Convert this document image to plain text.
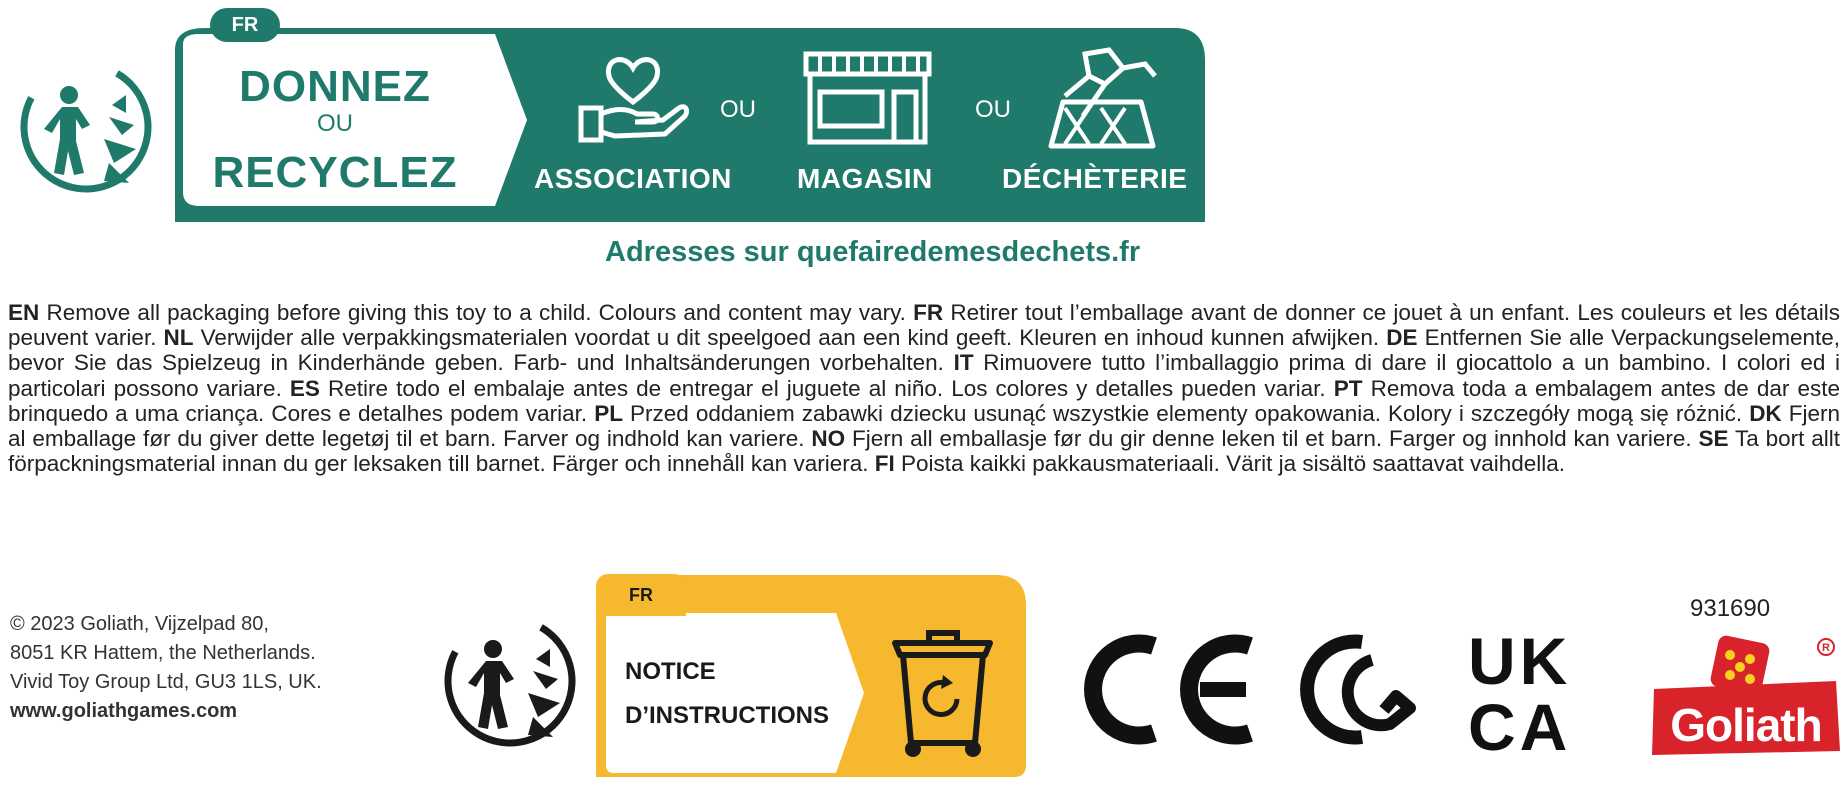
FR
DONNEZ
OU
RECYCLEZ
OU	OU
ASSOCIATION MAGASIN DÉCHÈTERIE
Adresses sur quefairedemesdechets.fr
EN Remove all packaging before giving this toy to a child. Colours and content may vary. FR Retirer tout l’emballage avant de donner ce jouet à un enfant. Les couleurs et les détails peuvent varier. NL Verwijder alle verpakkingsmaterialen voordat u dit speelgoed aan een kind geeft. Kleuren en inhoud kunnen afwijken. DE Entfernen Sie alle Verpackungselemente, bevor Sie das Spielzeug in Kinderhände geben. Farb- und Inhaltsänderungen vorbehalten. IT Rimuovere tutto l’imballaggio prima di dare il giocattolo a un bambino. I colori ed i particolari possono variare. ES Retire todo el embalaje antes de entregar el juguete al niño. Los colores y detalles pueden variar. PT Remova toda a embalagem antes de dar este brinquedo a uma criança. Cores e detalhes podem variar. PL Przed oddaniem zabawki dziecku usunąć wszystkie elementy opakowania. Kolory i szczegóły mogą się różnić. DK Fjern al emballage før du giver dette legetøj til et barn. Farver og indhold kan variere. NO Fjern all emballasje før du gir denne leken til et barn. Farger og innhold kan variere. SE Ta bort allt förpackningsmaterial innan du ger leksaken till barnet. Färger och innehåll kan variera. FI Poista kaikki pakkausmateriaali. Värit ja sisältö saattavat vaihdella.
© 2023 Goliath, Vijzelpad 80,
8051 KR Hattem, the Netherlands.
Vivid Toy Group Ltd, GU3 1LS, UK.
www.goliathgames.com
FR
NOTICE
D’INSTRUCTIONS
UK
CA
931690
R
Goliath
